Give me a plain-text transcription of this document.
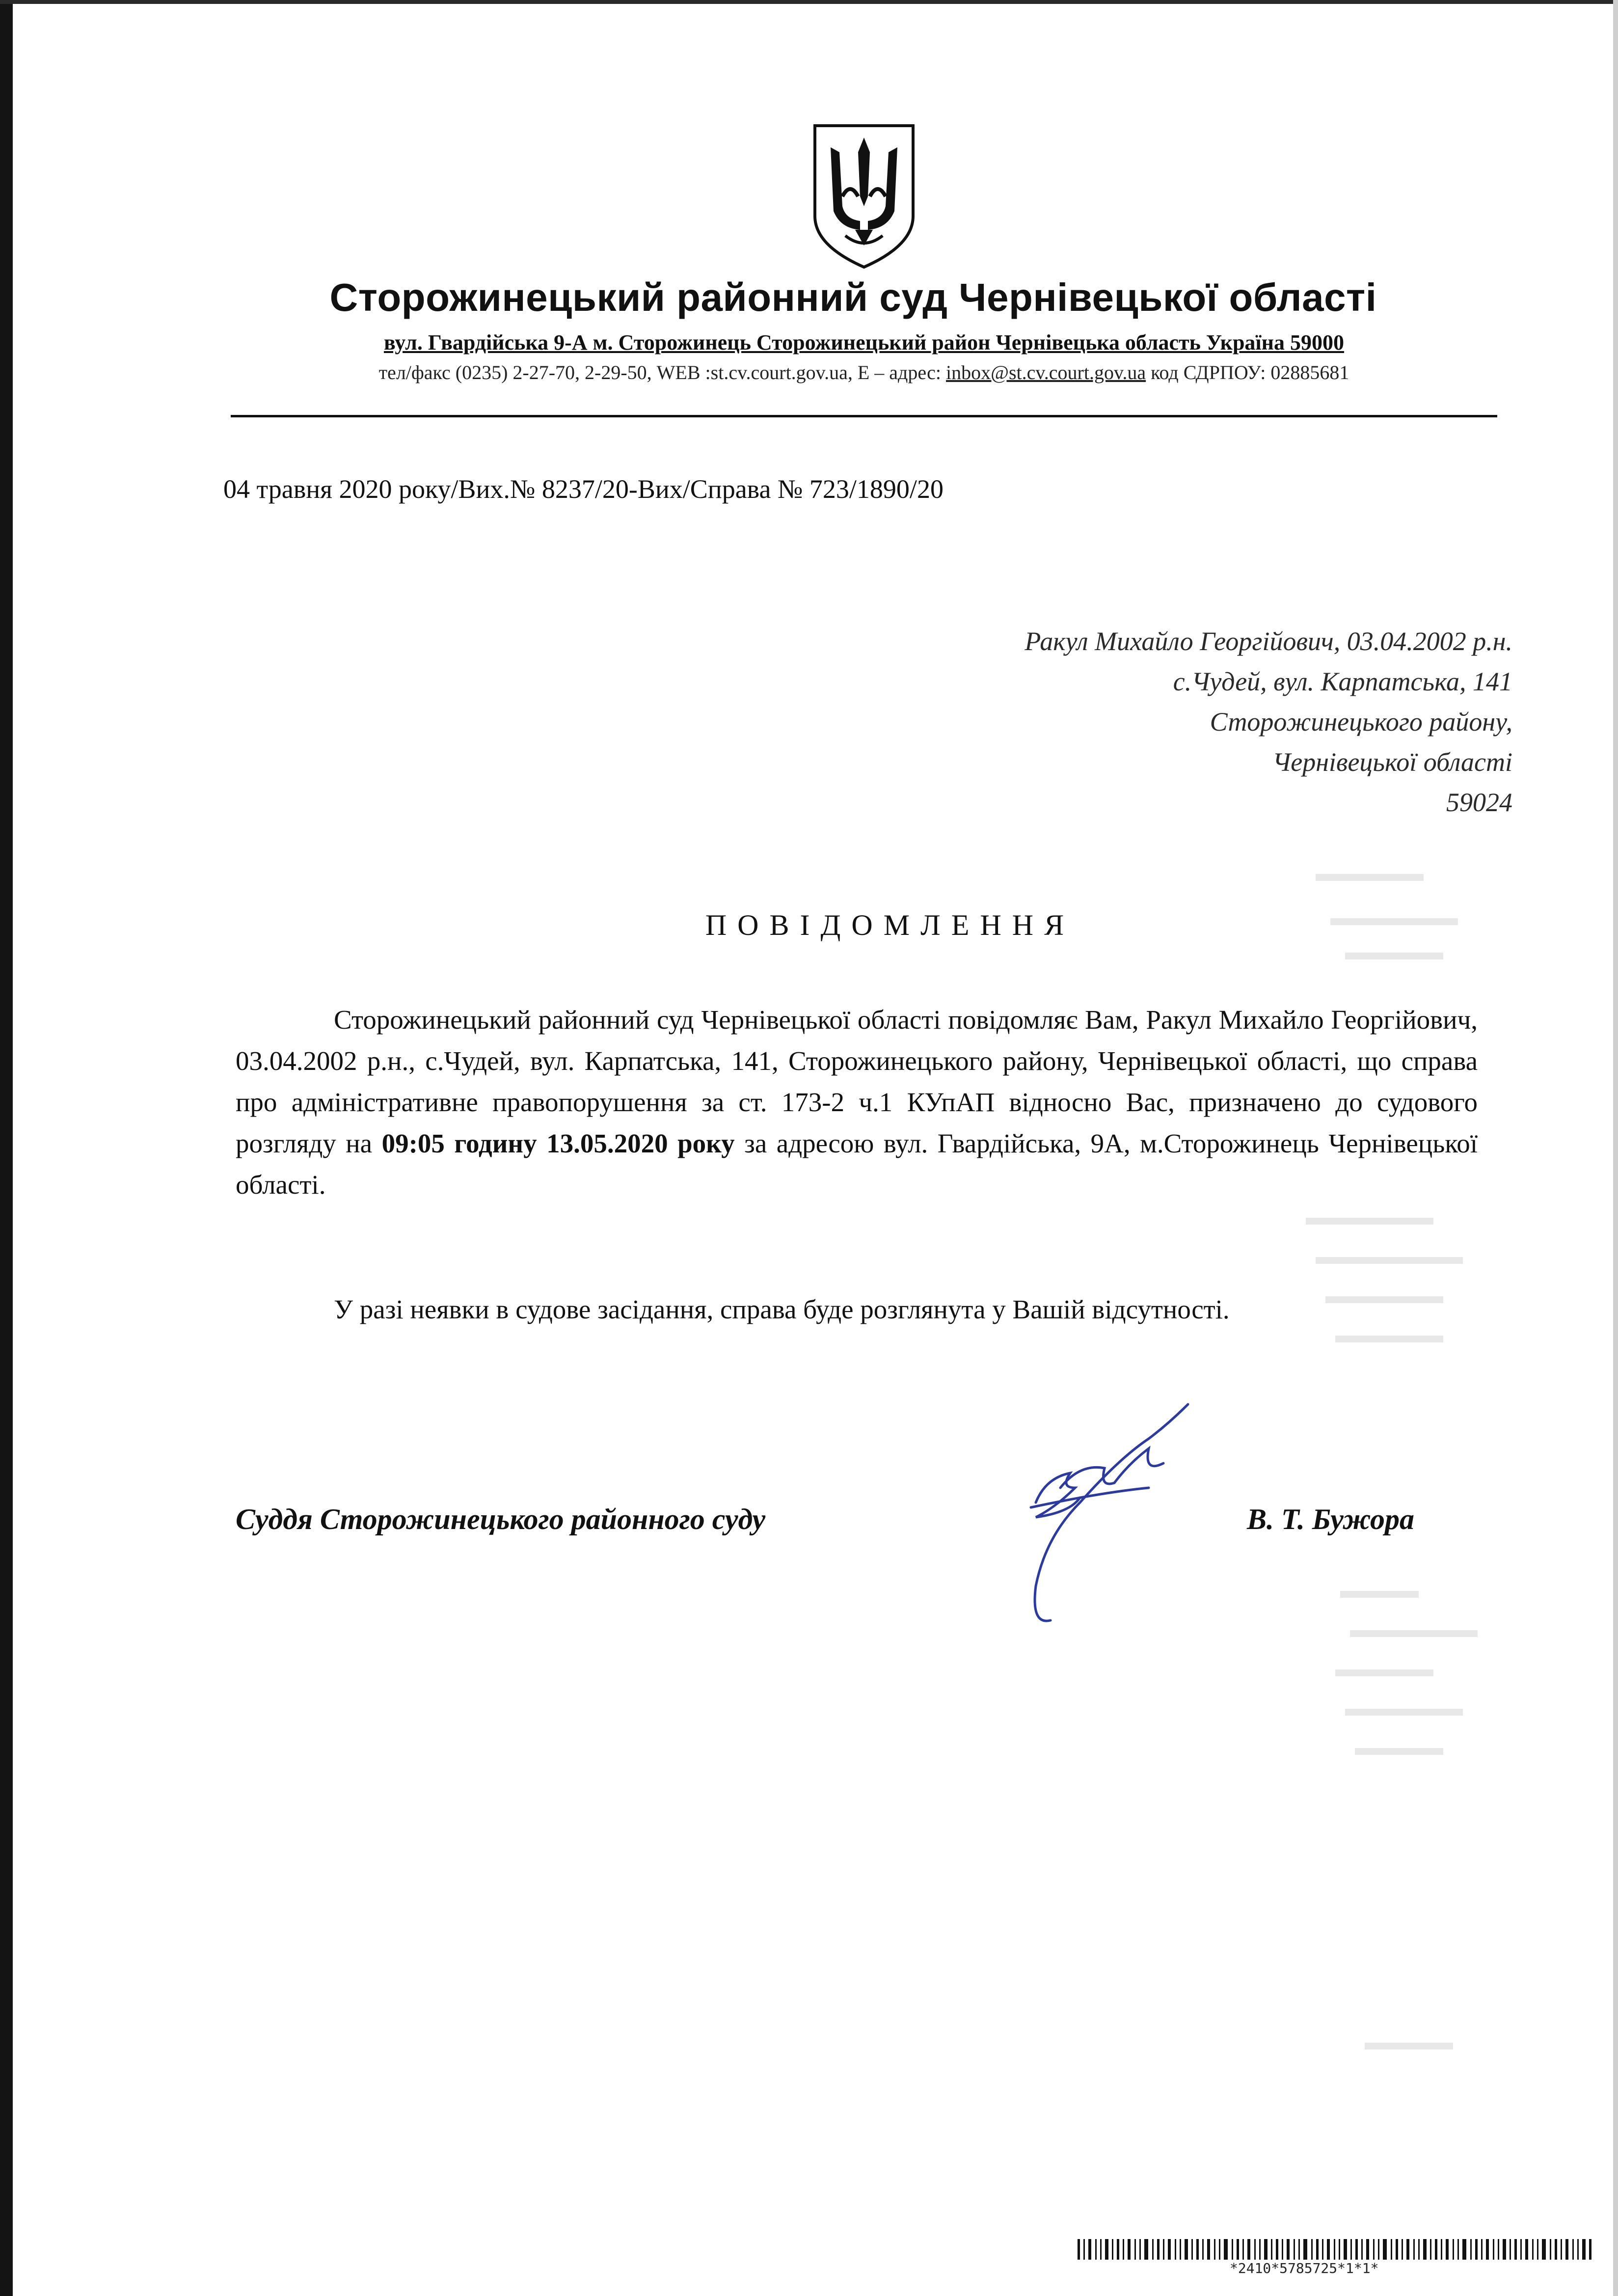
Сторожинецький районний суд Чернівецької області
вул. Гвардійська 9-А м. Сторожинець Сторожинецький район Чернівецька область Україна 59000
тел/факс (0235) 2-27-70, 2-29-50, WEB :st.cv.court.gov.ua, E – адрес: inbox@st.cv.court.gov.ua код СДРПОУ: 02885681
04 травня 2020 року/Вих.№ 8237/20-Вих/Справа № 723/1890/20
Ракул Михайло Георгійович, 03.04.2002 р.н.
с.Чудей, вул. Карпатська, 141
Сторожинецького району,
Чернівецької області
59024
ПОВІДОМЛЕННЯ
Сторожинецький районний суд Чернівецької області повідомляє Вам, Ракул Михайло Георгійович, 03.04.2002 р.н., с.Чудей, вул. Карпатська, 141, Сторожинецького району, Чернівецької області, що справа про адміністративне правопорушення за ст. 173-2 ч.1 КУпАП відносно Вас, призначено до судового розгляду на 09:05 годину 13.05.2020 року за адресою вул. Гвардійська, 9А, м.Сторожинець Чернівецької області.
У разі неявки в судове засідання, справа буде розглянута у Вашій відсутності.
Суддя Сторожинецького районного суду	В. Т. Бужора
*2410*5785725*1*1*
